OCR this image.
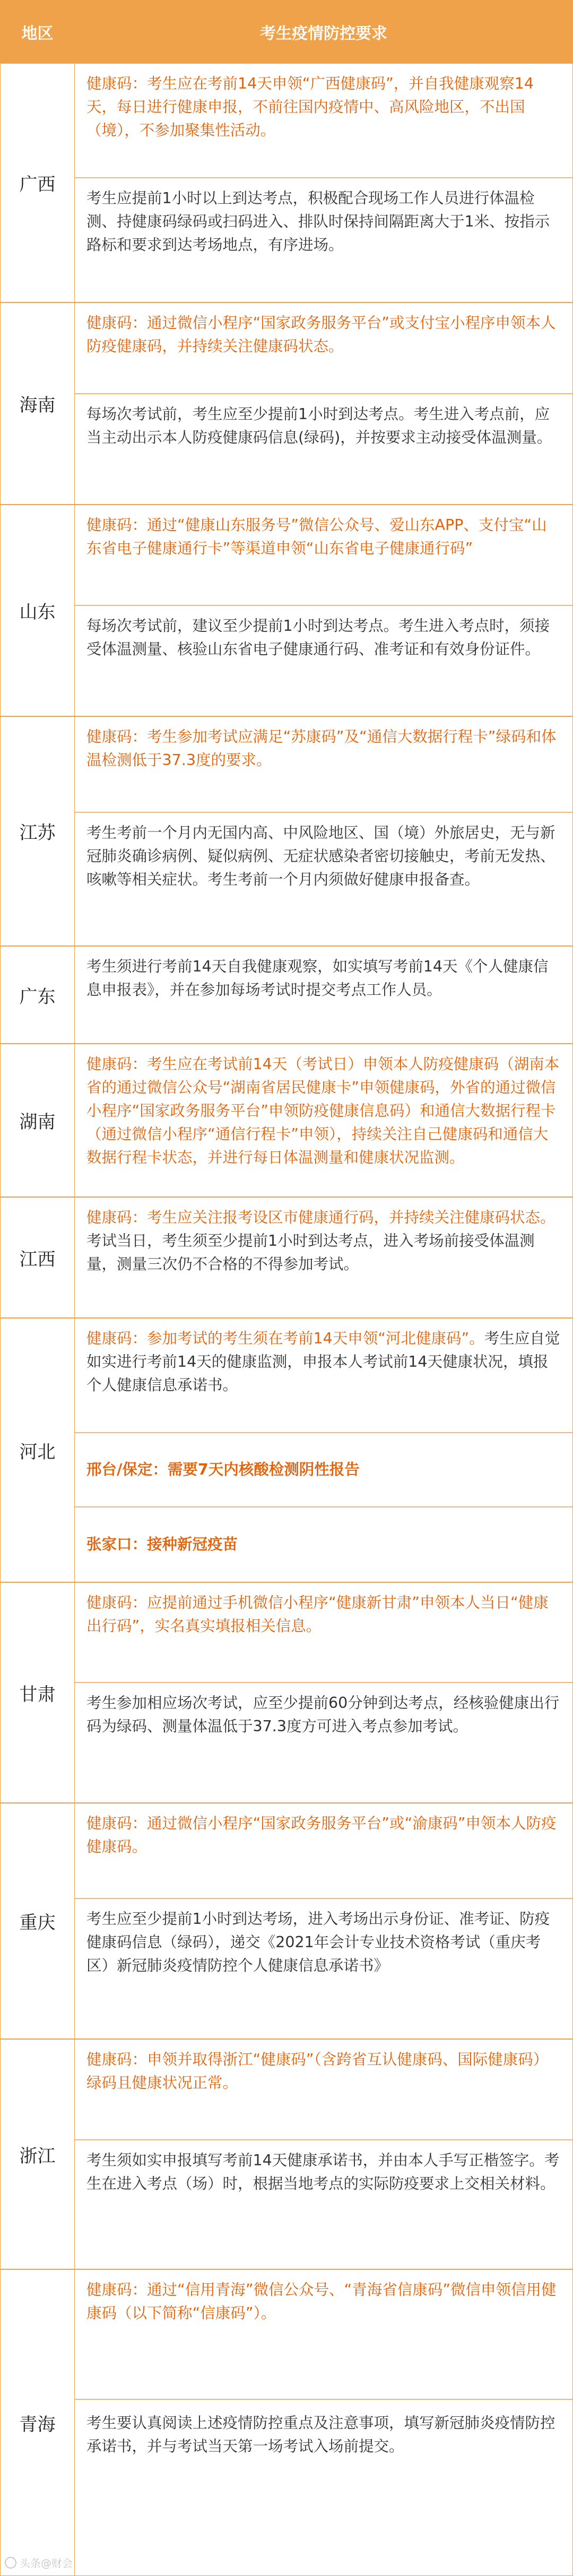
地区	考生疫情防控要求
广西
健康码：考生应在考前14天申领“广西健康码”，并自我健康观察14天，每日进行健康申报，不前往国内疫情中、高风险地区，不出国（境），不参加聚集性活动。
考生应提前1小时以上到达考点，积极配合现场工作人员进行体温检测、持健康码绿码或扫码进入、排队时保持间隔距离大于1米、按指示路标和要求到达考场地点，有序进场。
海南
健康码：通过微信小程序“国家政务服务平台”或支付宝小程序申领本人防疫健康码，并持续关注健康码状态。
每场次考试前，考生应至少提前1小时到达考点。考生进入考点前，应当主动出示本人防疫健康码信息(绿码)，并按要求主动接受体温测量。
山东
健康码：通过“健康山东服务号”微信公众号、爱山东APP、支付宝“山东省电子健康通行卡”等渠道申领“山东省电子健康通行码”
每场次考试前，建议至少提前1小时到达考点。考生进入考点时，须接受体温测量、核验山东省电子健康通行码、准考证和有效身份证件。
江苏
健康码：考生参加考试应满足“苏康码”及“通信大数据行程卡”绿码和体温检测低于37.3度的要求。
考生考前一个月内无国内高、中风险地区、国（境）外旅居史，无与新冠肺炎确诊病例、疑似病例、无症状感染者密切接触史，考前无发热、咳嗽等相关症状。考生考前一个月内须做好健康申报备查。
广东
考生须进行考前14天自我健康观察，如实填写考前14天《个人健康信息申报表》，并在参加每场考试时提交考点工作人员。
湖南
健康码：考生应在考试前14天（考试日）申领本人防疫健康码（湖南本省的通过微信公众号“湖南省居民健康卡”申领健康码，外省的通过微信小程序“国家政务服务平台”申领防疫健康信息码）和通信大数据行程卡（通过微信小程序“通信行程卡”申领），持续关注自己健康码和通信大数据行程卡状态，并进行每日体温测量和健康状况监测。
江西
健康码：考生应关注报考设区市健康通行码，并持续关注健康码状态。考试当日，考生须至少提前1小时到达考点，进入考场前接受体温测量，测量三次仍不合格的不得参加考试。
河北
健康码：参加考试的考生须在考前14天申领“河北健康码”。考生应自觉如实进行考前14天的健康监测，申报本人考试前14天健康状况，填报个人健康信息承诺书。
邢台/保定：需要7天内核酸检测阴性报告
张家口：接种新冠疫苗
甘肃
健康码：应提前通过手机微信小程序“健康新甘肃”申领本人当日“健康出行码”，实名真实填报相关信息。
考生参加相应场次考试，应至少提前60分钟到达考点，经核验健康出行码为绿码、测量体温低于37.3度方可进入考点参加考试。
重庆
健康码：通过微信小程序“国家政务服务平台”或“渝康码”申领本人防疫健康码。
考生应至少提前1小时到达考场，进入考场出示身份证、准考证、防疫健康码信息（绿码），递交《2021年会计专业技术资格考试（重庆考区）新冠肺炎疫情防控个人健康信息承诺书》
浙江
健康码：申领并取得浙江“健康码”（含跨省互认健康码、国际健康码）绿码且健康状况正常。
考生须如实申报填写考前14天健康承诺书，并由本人手写正楷签字。考生在进入考点（场）时，根据当地考点的实际防疫要求上交相关材料。
青海
健康码：通过“信用青海”微信公众号、“青海省信康码”微信申领信用健康码（以下简称“信康码”）。
考生要认真阅读上述疫情防控重点及注意事项，填写新冠肺炎疫情防控承诺书，并与考试当天第一场考试入场前提交。
头条@财会
